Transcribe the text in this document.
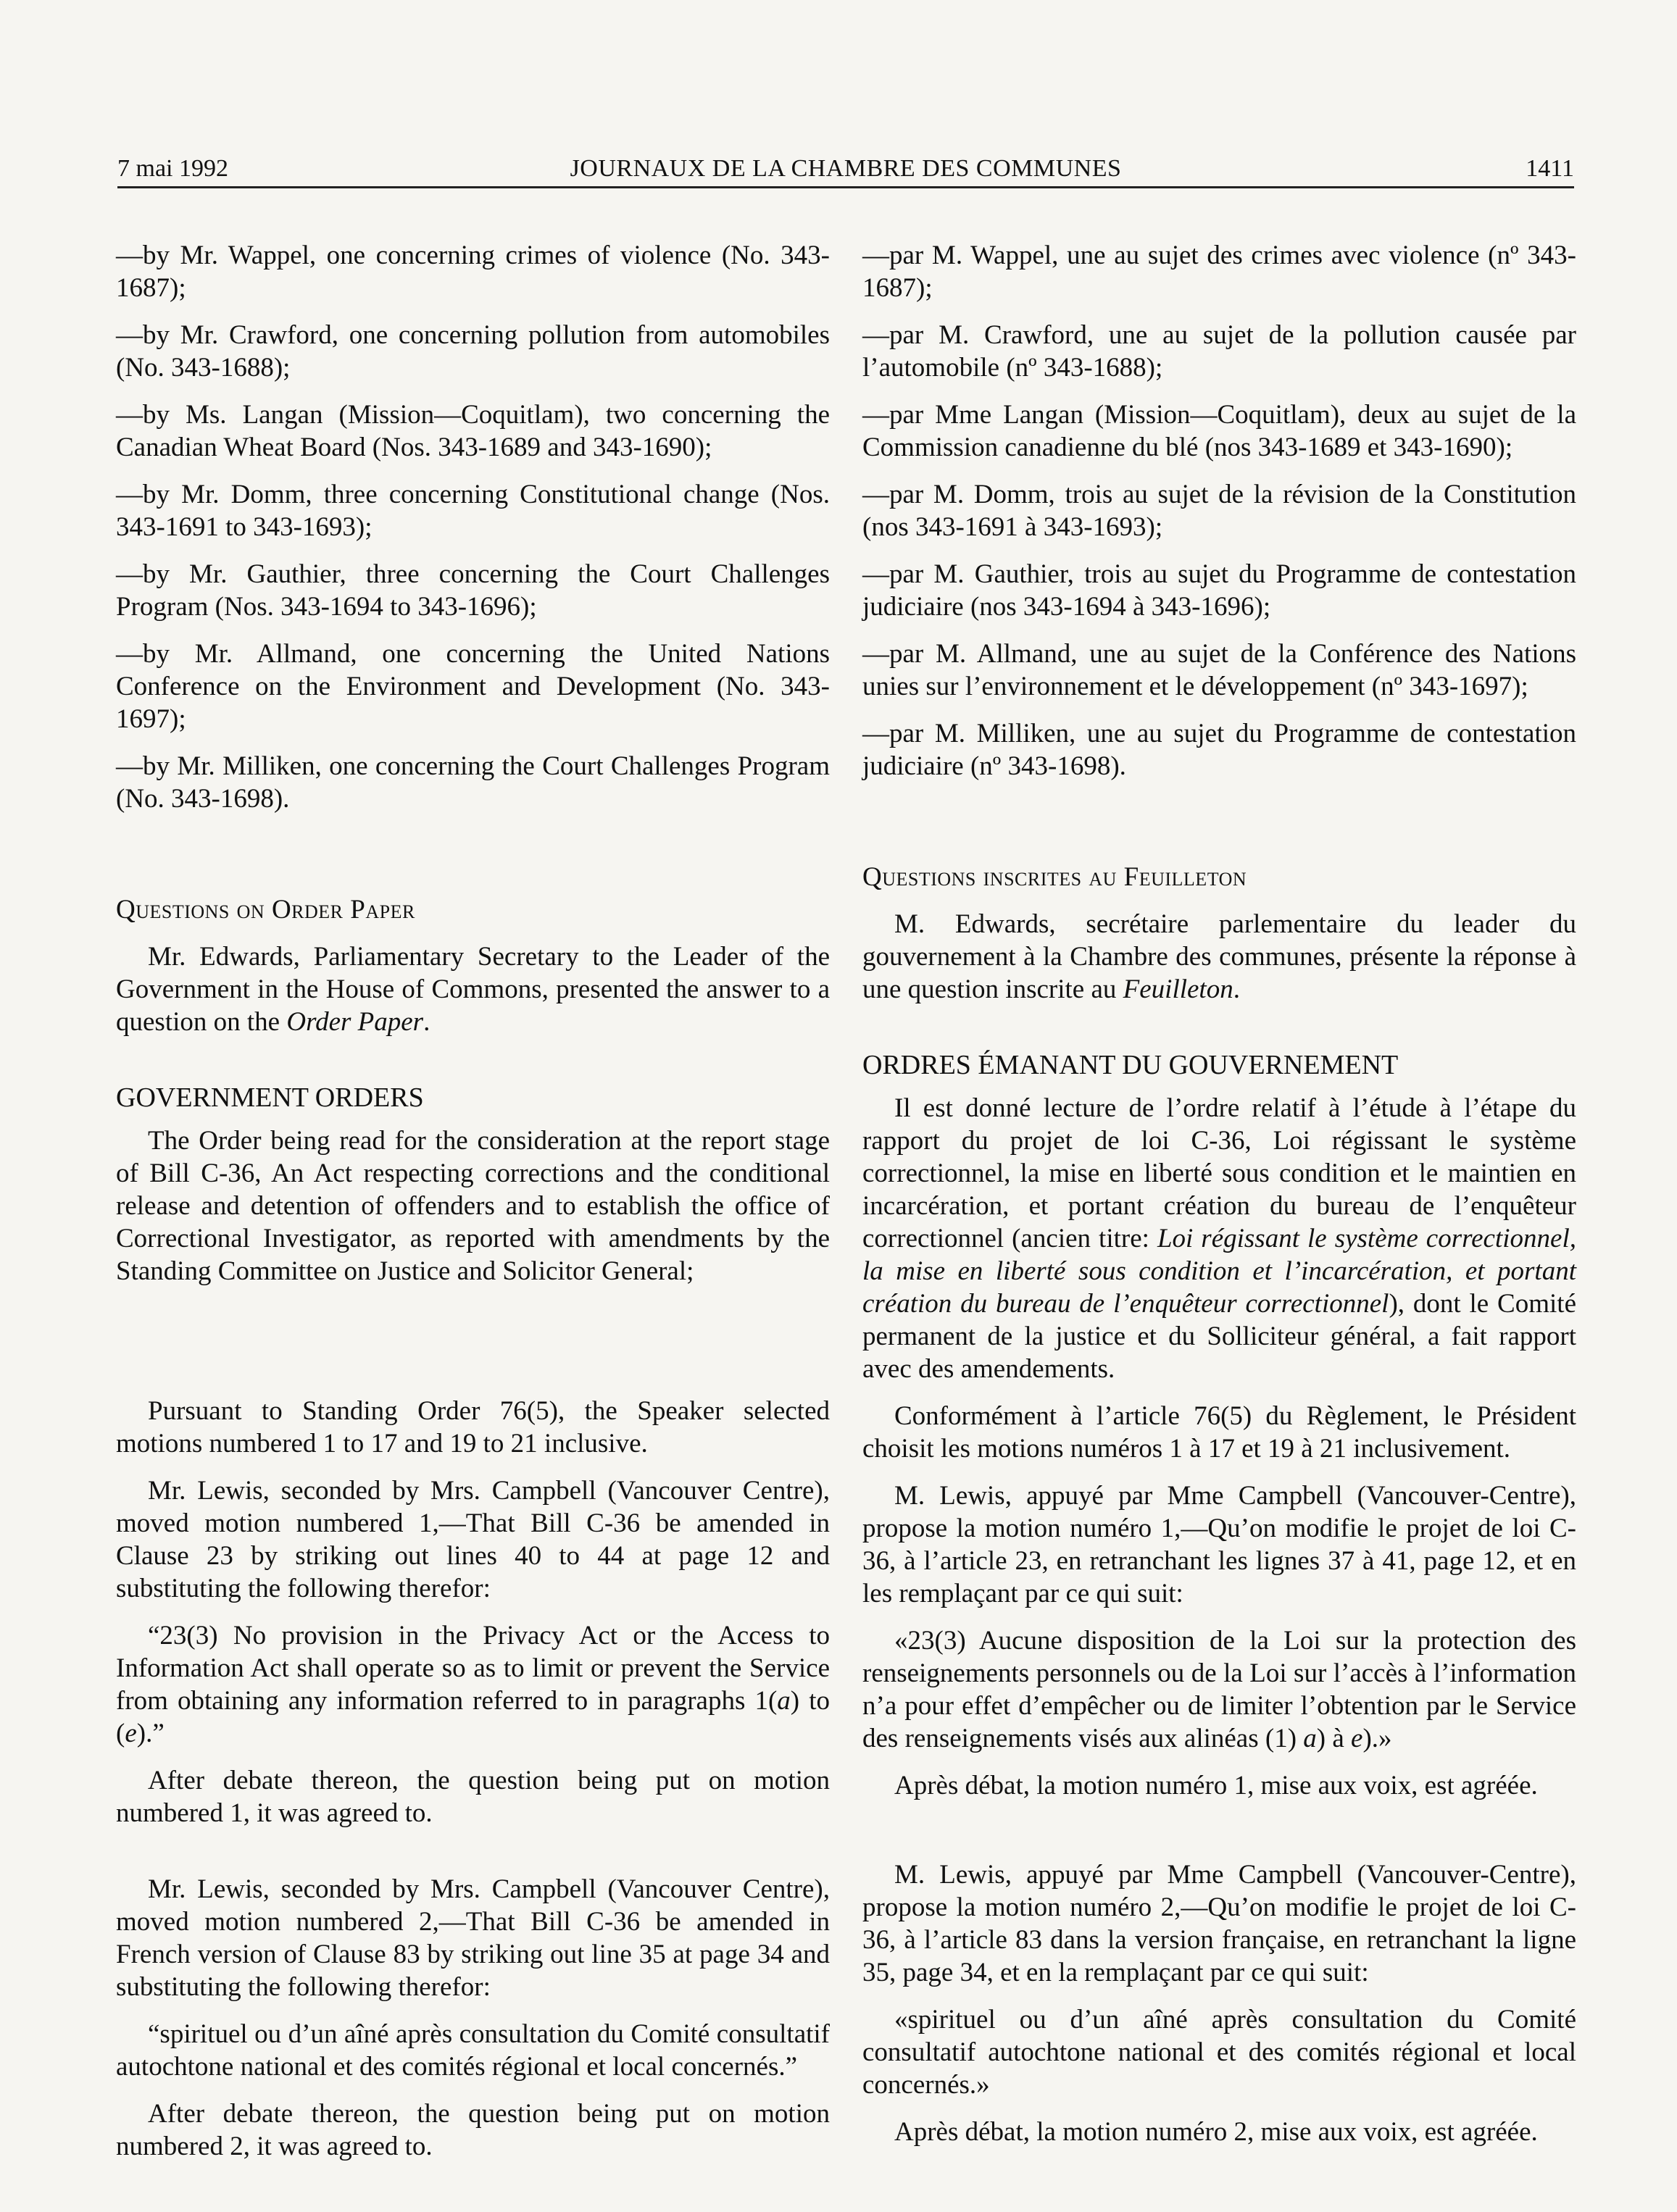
7 mai 1992	JOURNAUX DE LA CHAMBRE DES COMMUNES	1411

—by Mr. Wappel, one concerning crimes of violence (No. 343-1687);

—by Mr. Crawford, one concerning pollution from automobiles (No. 343-1688);

—by Ms. Langan (Mission—Coquitlam), two concerning the Canadian Wheat Board (Nos. 343-1689 and 343-1690);

—by Mr. Domm, three concerning Constitutional change (Nos. 343-1691 to 343-1693);

—by Mr. Gauthier, three concerning the Court Challenges Program (Nos. 343-1694 to 343-1696);

—by Mr. Allmand, one concerning the United Nations Conference on the Environment and Development (No. 343-1697);

—by Mr. Milliken, one concerning the Court Challenges Program (No. 343-1698).

Questions on Order Paper

Mr. Edwards, Parliamentary Secretary to the Leader of the Government in the House of Commons, presented the answer to a question on the Order Paper.

GOVERNMENT ORDERS

The Order being read for the consideration at the report stage of Bill C-36, An Act respecting corrections and the conditional release and detention of offenders and to establish the office of Correctional Investigator, as reported with amendments by the Standing Committee on Justice and Solicitor General;

Pursuant to Standing Order 76(5), the Speaker selected motions numbered 1 to 17 and 19 to 21 inclusive.

Mr. Lewis, seconded by Mrs. Campbell (Vancouver Centre), moved motion numbered 1,—That Bill C-36 be amended in Clause 23 by striking out lines 40 to 44 at page 12 and substituting the following therefor:

“23(3) No provision in the Privacy Act or the Access to Information Act shall operate so as to limit or prevent the Service from obtaining any information referred to in paragraphs 1(a) to (e).”

After debate thereon, the question being put on motion numbered 1, it was agreed to.

Mr. Lewis, seconded by Mrs. Campbell (Vancouver Centre), moved motion numbered 2,—That Bill C-36 be amended in French version of Clause 83 by striking out line 35 at page 34 and substituting the following therefor:

“spirituel ou d’un aîné après consultation du Comité consultatif autochtone national et des comités régional et local concernés.”

After debate thereon, the question being put on motion numbered 2, it was agreed to.

—par M. Wappel, une au sujet des crimes avec violence (nº 343-1687);

—par M. Crawford, une au sujet de la pollution causée par l’automobile (nº 343-1688);

—par Mme Langan (Mission—Coquitlam), deux au sujet de la Commission canadienne du blé (nos 343-1689 et 343-1690);

—par M. Domm, trois au sujet de la révision de la Constitution (nos 343-1691 à 343-1693);

—par M. Gauthier, trois au sujet du Programme de contestation judiciaire (nos 343-1694 à 343-1696);

—par M. Allmand, une au sujet de la Conférence des Nations unies sur l’environnement et le développement (nº 343-1697);

—par M. Milliken, une au sujet du Programme de contestation judiciaire (nº 343-1698).

Questions inscrites au Feuilleton

M. Edwards, secrétaire parlementaire du leader du gouvernement à la Chambre des communes, présente la réponse à une question inscrite au Feuilleton.

ORDRES ÉMANANT DU GOUVERNEMENT

Il est donné lecture de l’ordre relatif à l’étude à l’étape du rapport du projet de loi C-36, Loi régissant le système correctionnel, la mise en liberté sous condition et le maintien en incarcération, et portant création du bureau de l’enquêteur correctionnel (ancien titre: Loi régissant le système correctionnel, la mise en liberté sous condition et l’incarcération, et portant création du bureau de l’enquêteur correctionnel), dont le Comité permanent de la justice et du Solliciteur général, a fait rapport avec des amendements.

Conformément à l’article 76(5) du Règlement, le Président choisit les motions numéros 1 à 17 et 19 à 21 inclusivement.

M. Lewis, appuyé par Mme Campbell (Vancouver-Centre), propose la motion numéro 1,—Qu’on modifie le projet de loi C-36, à l’article 23, en retranchant les lignes 37 à 41, page 12, et en les remplaçant par ce qui suit:

«23(3) Aucune disposition de la Loi sur la protection des renseignements personnels ou de la Loi sur l’accès à l’information n’a pour effet d’empêcher ou de limiter l’obtention par le Service des renseignements visés aux alinéas (1) a) à e).»

Après débat, la motion numéro 1, mise aux voix, est agréée.

M. Lewis, appuyé par Mme Campbell (Vancouver-Centre), propose la motion numéro 2,—Qu’on modifie le projet de loi C-36, à l’article 83 dans la version française, en retranchant la ligne 35, page 34, et en la remplaçant par ce qui suit:

«spirituel ou d’un aîné après consultation du Comité consultatif autochtone national et des comités régional et local concernés.»

Après débat, la motion numéro 2, mise aux voix, est agréée.
